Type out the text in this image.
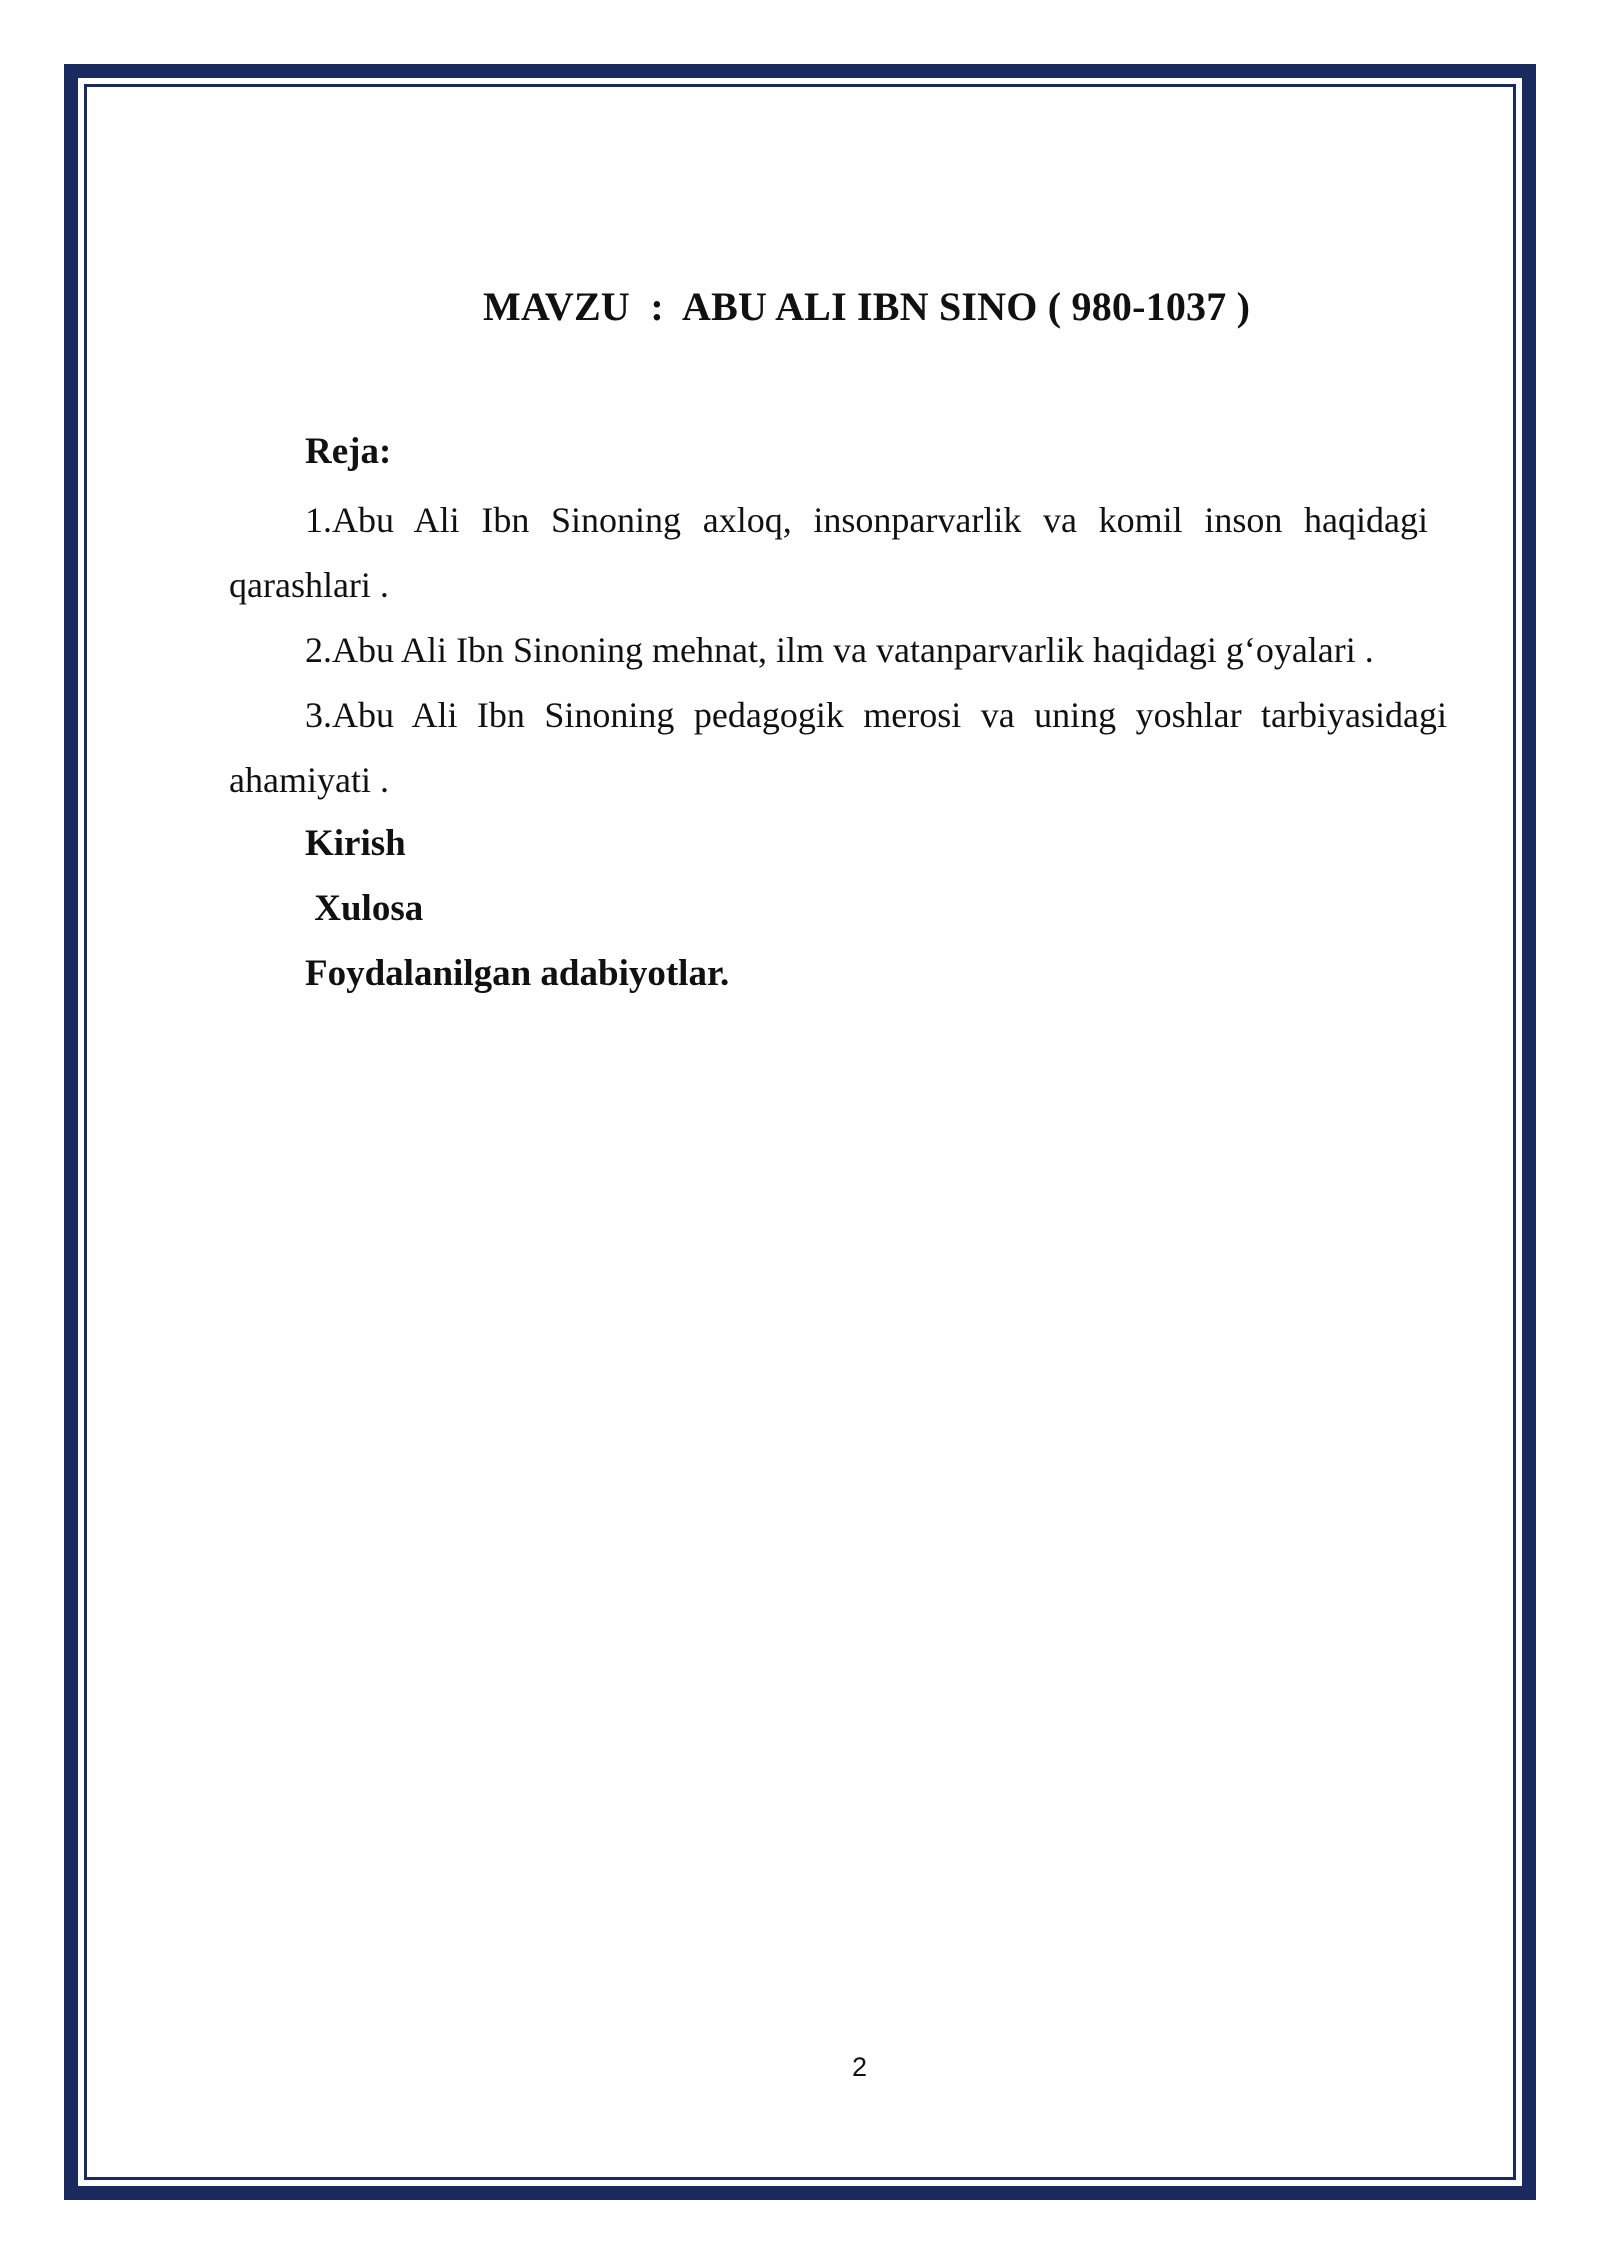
MAVZU  :  ABU ALI IBN SINO ( 980-1037 )
Reja:
1.Abu Ali Ibn Sinoning axloq, insonparvarlik va komil inson haqidagi qarashlari .
2.Abu Ali Ibn Sinoning mehnat, ilm va vatanparvarlik haqidagi g‘oyalari .
3.Abu Ali Ibn Sinoning pedagogik merosi va uning yoshlar tarbiyasidagi ahamiyati .
Kirish
Xulosa
Foydalanilgan adabiyotlar.
2
